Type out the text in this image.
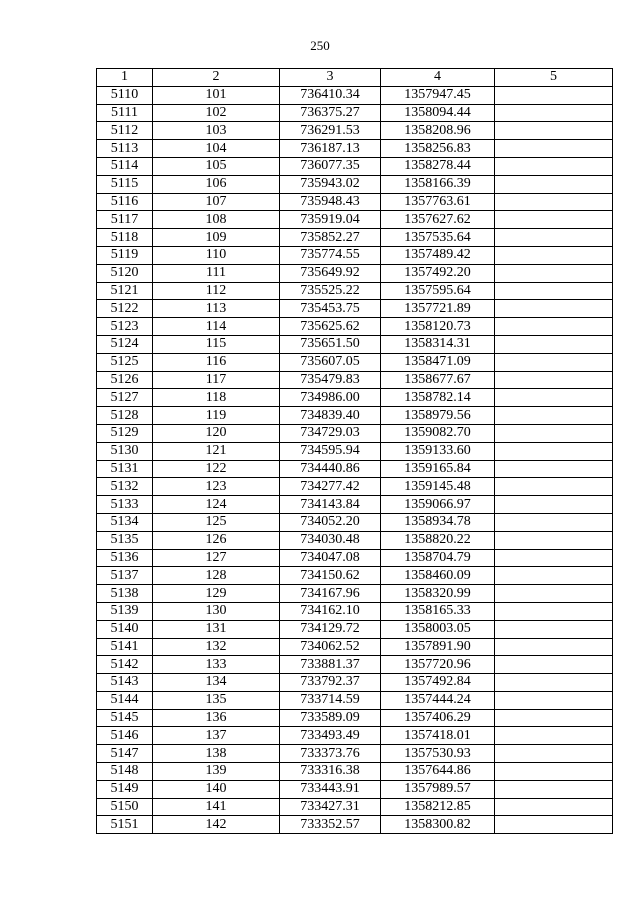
250
1	2	3	4	5
5110	101	736410.34	1357947.45	
5111	102	736375.27	1358094.44	
5112	103	736291.53	1358208.96	
5113	104	736187.13	1358256.83	
5114	105	736077.35	1358278.44	
5115	106	735943.02	1358166.39	
5116	107	735948.43	1357763.61	
5117	108	735919.04	1357627.62	
5118	109	735852.27	1357535.64	
5119	110	735774.55	1357489.42	
5120	111	735649.92	1357492.20	
5121	112	735525.22	1357595.64	
5122	113	735453.75	1357721.89	
5123	114	735625.62	1358120.73	
5124	115	735651.50	1358314.31	
5125	116	735607.05	1358471.09	
5126	117	735479.83	1358677.67	
5127	118	734986.00	1358782.14	
5128	119	734839.40	1358979.56	
5129	120	734729.03	1359082.70	
5130	121	734595.94	1359133.60	
5131	122	734440.86	1359165.84	
5132	123	734277.42	1359145.48	
5133	124	734143.84	1359066.97	
5134	125	734052.20	1358934.78	
5135	126	734030.48	1358820.22	
5136	127	734047.08	1358704.79	
5137	128	734150.62	1358460.09	
5138	129	734167.96	1358320.99	
5139	130	734162.10	1358165.33	
5140	131	734129.72	1358003.05	
5141	132	734062.52	1357891.90	
5142	133	733881.37	1357720.96	
5143	134	733792.37	1357492.84	
5144	135	733714.59	1357444.24	
5145	136	733589.09	1357406.29	
5146	137	733493.49	1357418.01	
5147	138	733373.76	1357530.93	
5148	139	733316.38	1357644.86	
5149	140	733443.91	1357989.57	
5150	141	733427.31	1358212.85	
5151	142	733352.57	1358300.82	
